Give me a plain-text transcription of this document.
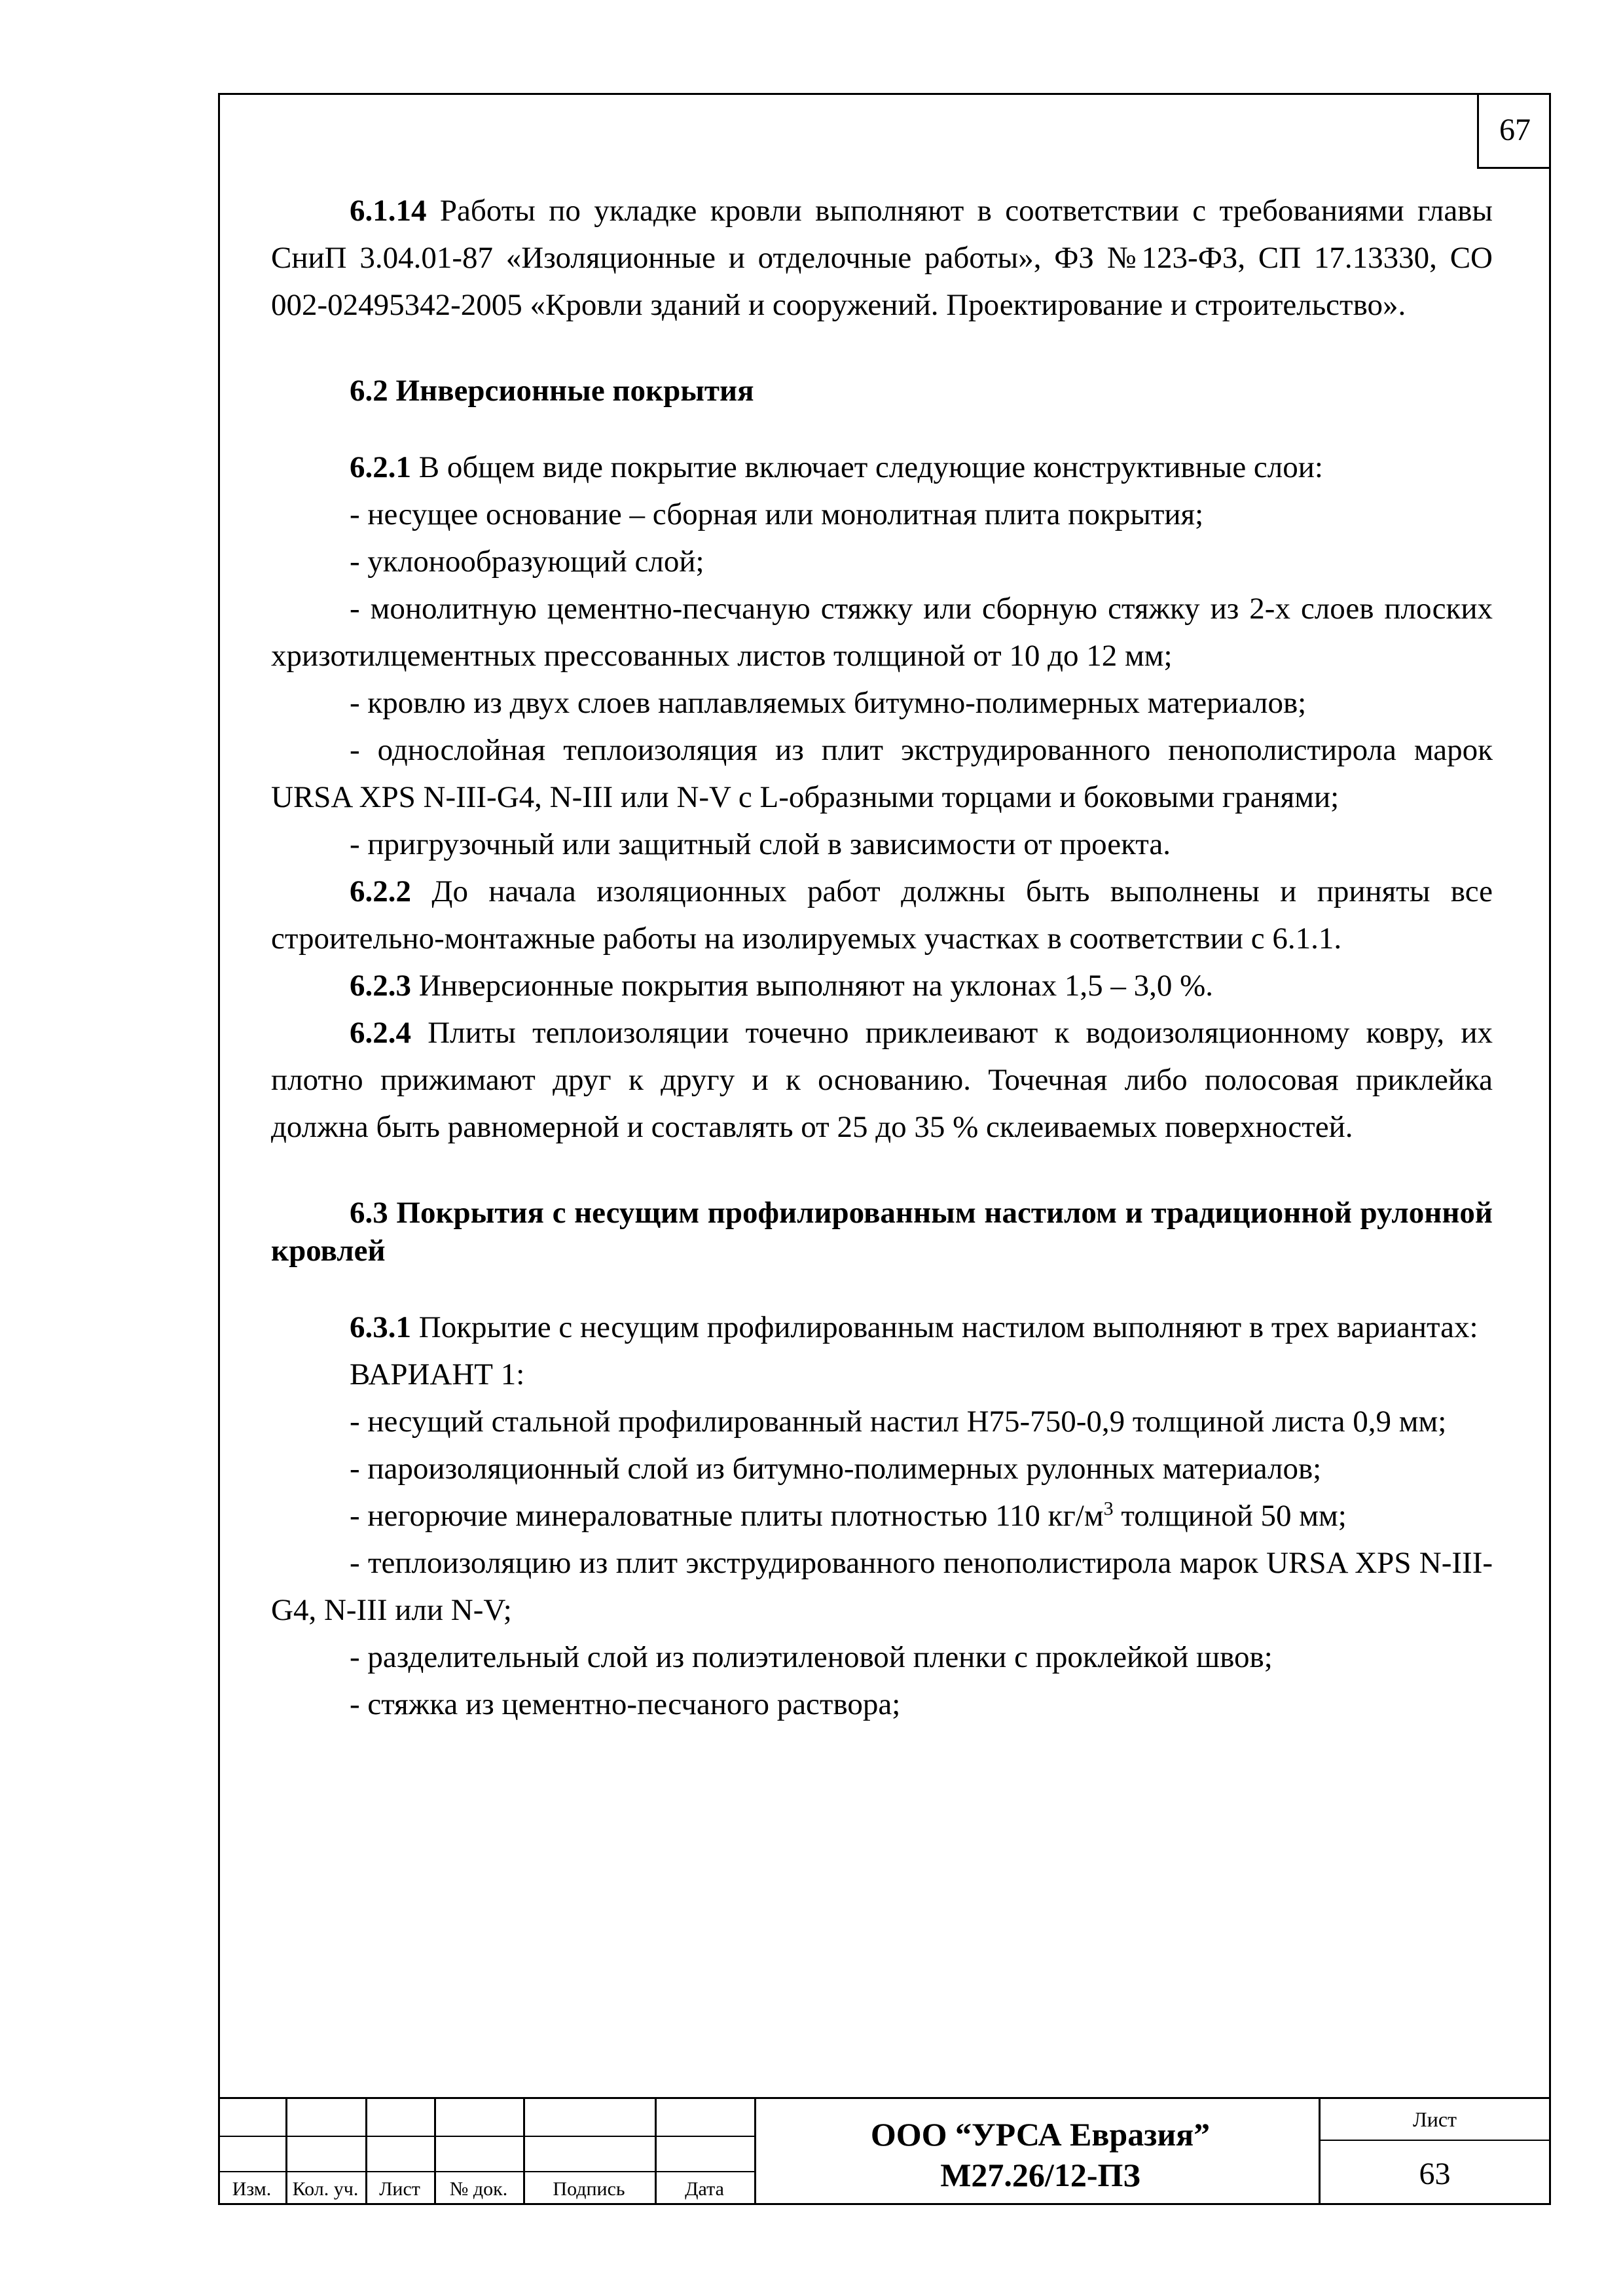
67

6.1.14 Работы по укладке кровли выполняют в соответствии с требованиями главы СниП 3.04.01-87 «Изоляционные и отделочные работы», ФЗ №123-ФЗ, СП 17.13330, СО 002-02495342-2005 «Кровли зданий и сооружений. Проектирование и строительство».

6.2 Инверсионные покрытия

6.2.1 В общем виде покрытие включает следующие конструктивные слои:

- несущее основание – сборная или монолитная плита покрытия;

- уклонообразующий слой;

- монолитную цементно-песчаную стяжку или сборную стяжку из 2-х слоев плоских хризотилцементных прессованных листов толщиной от 10 до 12 мм;

- кровлю из двух слоев наплавляемых битумно-полимерных материалов;

- однослойная теплоизоляция из плит экструдированного пенополистирола марок URSA XPS N-III-G4, N-III или N-V с L-образными торцами и боковыми гранями;

- пригрузочный или защитный слой в зависимости от проекта.

6.2.2 До начала изоляционных работ должны быть выполнены и приняты все строительно-монтажные работы на изолируемых участках в соответствии с 6.1.1.

6.2.3 Инверсионные покрытия выполняют на уклонах 1,5 – 3,0 %.

6.2.4 Плиты теплоизоляции точечно приклеивают к водоизоляционному ковру, их плотно прижимают друг к другу и к основанию. Точечная либо полосовая приклейка должна быть равномерной и составлять от 25 до 35 % склеиваемых поверхностей.

6.3 Покрытия с несущим профилированным настилом и традиционной рулонной кровлей

6.3.1 Покрытие с несущим профилированным настилом выполняют в трех вариантах:

ВАРИАНТ 1:

- несущий стальной профилированный настил Н75-750-0,9 толщиной листа 0,9 мм;

- пароизоляционный слой из битумно-полимерных рулонных материалов;

- негорючие минераловатные плиты плотностью 110 $кг/м^3$ толщиной 50 мм;

- теплоизоляцию из плит экструдированного пенополистирола марок URSA XPS N-III-G4, N-III или N-V;

- разделительный слой из полиэтиленовой пленки с проклейкой швов;

- стяжка из цементно-песчаного раствора;

Изм.	Кол. уч.	Лист	№ док.	Подпись	Дата
ООО “УРСА Евразия”
М27.26/12-ПЗ
Лист
63
